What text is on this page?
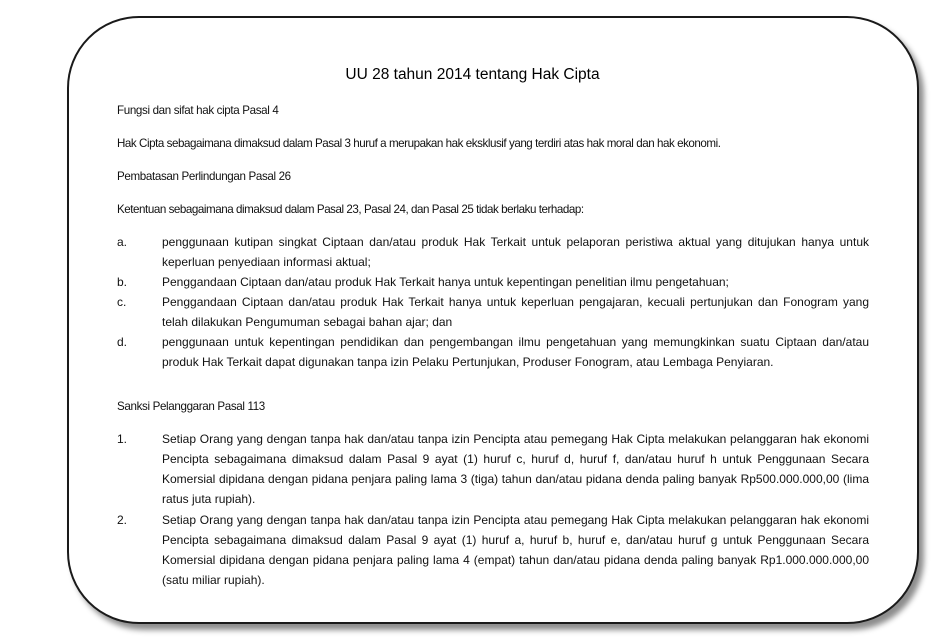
UU 28 tahun 2014 tentang Hak Cipta
Fungsi dan sifat hak cipta Pasal 4
Hak Cipta sebagaimana dimaksud dalam Pasal 3 huruf a merupakan hak eksklusif yang terdiri atas hak moral dan hak ekonomi.
Pembatasan Perlindungan Pasal 26
Ketentuan sebagaimana dimaksud dalam Pasal 23, Pasal 24, dan Pasal 25 tidak berlaku terhadap:
a.	penggunaan kutipan singkat Ciptaan dan/atau produk Hak Terkait untuk pelaporan peristiwa aktual yang ditujukan hanya untuk keperluan penyediaan informasi aktual;
b.	Penggandaan Ciptaan dan/atau produk Hak Terkait hanya untuk kepentingan penelitian ilmu pengetahuan;
c.	Penggandaan Ciptaan dan/atau produk Hak Terkait hanya untuk keperluan pengajaran, kecuali pertunjukan dan Fonogram yang telah dilakukan Pengumuman sebagai bahan ajar; dan
d.	penggunaan untuk kepentingan pendidikan dan pengembangan ilmu pengetahuan yang memungkinkan suatu Ciptaan dan/atau produk Hak Terkait dapat digunakan tanpa izin Pelaku Pertunjukan, Produser Fonogram, atau Lembaga Penyiaran.
Sanksi Pelanggaran Pasal 113
1.	Setiap Orang yang dengan tanpa hak dan/atau tanpa izin Pencipta atau pemegang Hak Cipta melakukan pelanggaran hak ekonomi Pencipta sebagaimana dimaksud dalam Pasal 9 ayat (1) huruf c, huruf d, huruf f, dan/atau huruf h untuk Penggunaan Secara Komersial dipidana dengan pidana penjara paling lama 3 (tiga) tahun dan/atau pidana denda paling banyak Rp500.000.000,00 (lima ratus juta rupiah).
2.	Setiap Orang yang dengan tanpa hak dan/atau tanpa izin Pencipta atau pemegang Hak Cipta melakukan pelanggaran hak ekonomi Pencipta sebagaimana dimaksud dalam Pasal 9 ayat (1) huruf a, huruf b, huruf e, dan/atau huruf g untuk Penggunaan Secara Komersial dipidana dengan pidana penjara paling lama 4 (empat) tahun dan/atau pidana denda paling banyak Rp1.000.000.000,00 (satu miliar rupiah).
